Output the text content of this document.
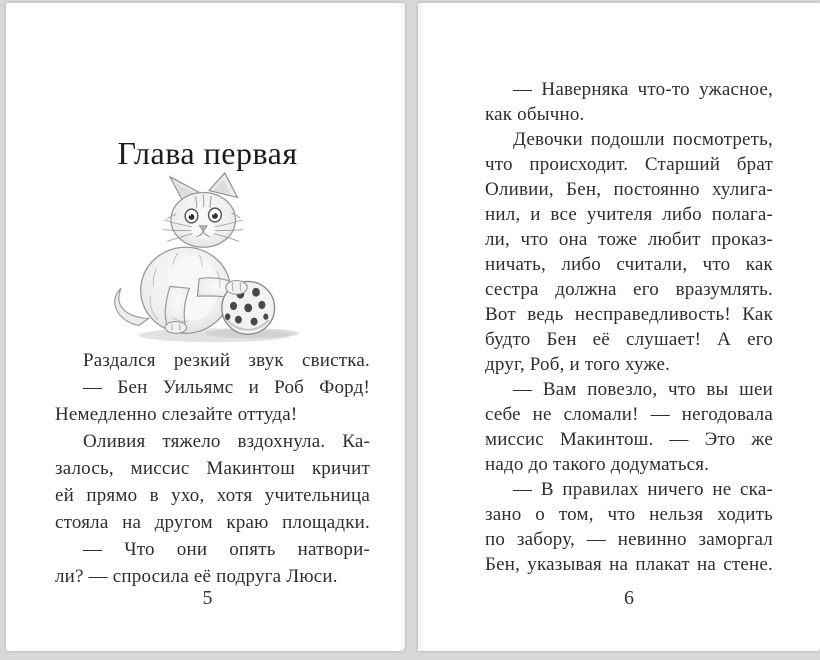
Глава первая
Раздался резкий звук свистка.
— Бен Уильямс и Роб Форд!
Немедленно слезайте оттуда!
Оливия тяжело вздохнула. Ка-
залось, миссис Макинтош кричит
ей прямо в ухо, хотя учительница
стояла на другом краю площадки.
— Что они опять натвори-
ли? — спросила её подруга Люси.
5
— Наверняка что-то ужасное,
как обычно.
Девочки подошли посмотреть,
что происходит. Старший брат
Оливии, Бен, постоянно хулига-
нил, и все учителя либо полага-
ли, что она тоже любит проказ-
ничать, либо считали, что как
сестра должна его вразумлять.
Вот ведь несправедливость! Как
будто Бен её слушает! А его
друг, Роб, и того хуже.
— Вам повезло, что вы шеи
себе не сломали! — негодовала
миссис Макинтош. — Это же
надо до такого додуматься.
— В правилах ничего не ска-
зано о том, что нельзя ходить
по забору, — невинно заморгал
Бен, указывая на плакат на стене.
6
